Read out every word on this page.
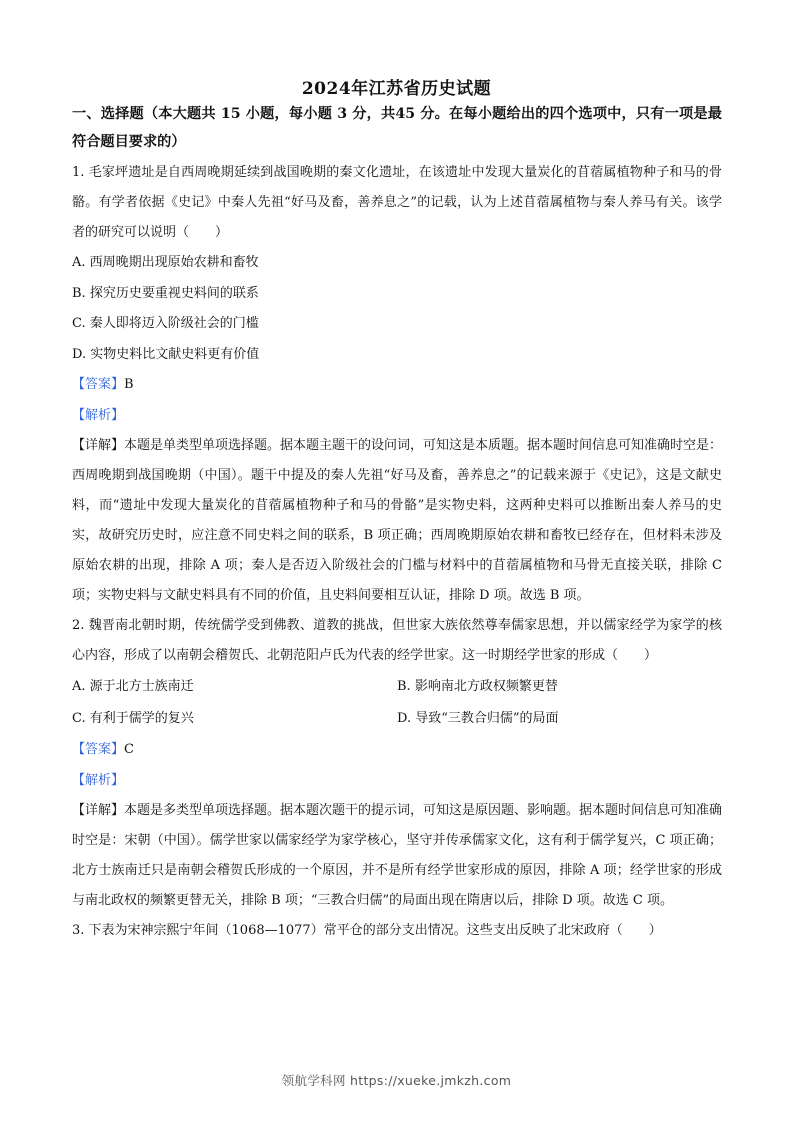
2024年江苏省历史试题
一、选择题（本大题共 15 小题，每小题 3 分，共45 分。在每小题给出的四个选项中，只有一项是最符合题目要求的）

1. 毛家坪遗址是自西周晚期延续到战国晚期的秦文化遗址，在该遗址中发现大量炭化的苜蓿属植物种子和马的骨骼。有学者依据《史记》中秦人先祖“好马及畜，善养息之”的记载，认为上述苜蓿属植物与秦人养马有关。该学者的研究可以说明（　　）

A. 西周晚期出现原始农耕和畜牧

B. 探究历史要重视史料间的联系

C. 秦人即将迈入阶级社会的门槛

D. 实物史料比文献史料更有价值

【答案】B

【解析】

【详解】本题是单类型单项选择题。据本题主题干的设问词，可知这是本质题。据本题时间信息可知准确时空是：西周晚期到战国晚期（中国）。题干中提及的秦人先祖“好马及畜，善养息之”的记载来源于《史记》，这是文献史料，而“遗址中发现大量炭化的苜蓿属植物种子和马的骨骼”是实物史料，这两种史料可以推断出秦人养马的史实，故研究历史时，应注意不同史料之间的联系，B 项正确；西周晚期原始农耕和畜牧已经存在，但材料未涉及原始农耕的出现，排除 A 项；秦人是否迈入阶级社会的门槛与材料中的苜蓿属植物和马骨无直接关联，排除 C 项；实物史料与文献史料具有不同的价值，且史料间要相互认证，排除 D 项。故选 B 项。

2. 魏晋南北朝时期，传统儒学受到佛教、道教的挑战，但世家大族依然尊奉儒家思想，并以儒家经学为家学的核心内容，形成了以南朝会稽贺氏、北朝范阳卢氏为代表的经学世家。这一时期经学世家的形成（　　）

A. 源于北方士族南迁	B. 影响南北方政权频繁更替
C. 有利于儒学的复兴	D. 导致“三教合归儒”的局面

【答案】C

【解析】

【详解】本题是多类型单项选择题。据本题次题干的提示词，可知这是原因题、影响题。据本题时间信息可知准确时空是：宋朝（中国）。儒学世家以儒家经学为家学核心，坚守并传承儒家文化，这有利于儒学复兴，C 项正确；北方士族南迁只是南朝会稽贺氏形成的一个原因，并不是所有经学世家形成的原因，排除 A 项；经学世家的形成与南北政权的频繁更替无关，排除 B 项；“三教合归儒”的局面出现在隋唐以后，排除 D 项。故选 C 项。

3. 下表为宋神宗熙宁年间（1068—1077）常平仓的部分支出情况。这些支出反映了北宋政府（　　）

领航学科网 https://xueke.jmkzh.com
